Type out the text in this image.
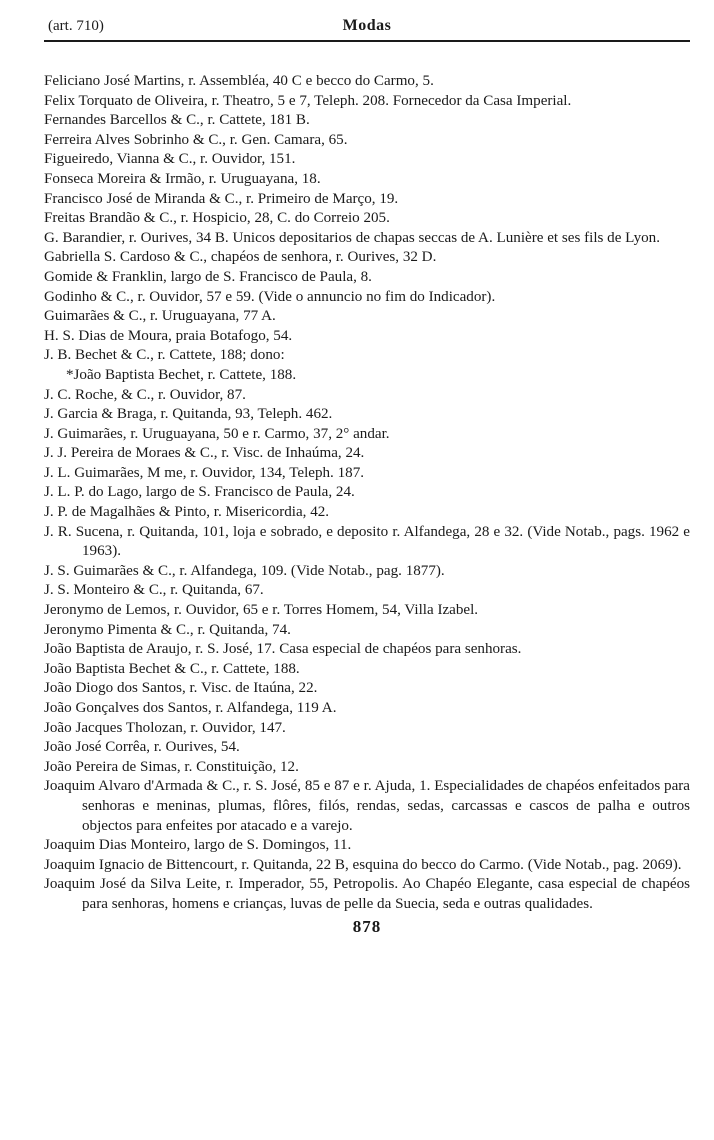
(art. 710)	Modas

Feliciano José Martins, r. Assembléa, 40 C e becco do Carmo, 5.

Felix Torquato de Oliveira, r. Theatro, 5 e 7, Teleph. 208. Fornecedor da Casa Imperial.

Fernandes Barcellos & C., r. Cattete, 181 B.

Ferreira Alves Sobrinho & C., r. Gen. Camara, 65.

Figueiredo, Vianna & C., r. Ouvidor, 151.

Fonseca Moreira & Irmão, r. Uruguayana, 18.

Francisco José de Miranda & C., r. Primeiro de Março, 19.

Freitas Brandão & C., r. Hospicio, 28, C. do Correio 205.

G. Barandier, r. Ourives, 34 B. Unicos depositarios de chapas seccas de A. Lunière et ses fils de Lyon.

Gabriella S. Cardoso & C., chapéos de senhora, r. Ourives, 32 D.

Gomide & Franklin, largo de S. Francisco de Paula, 8.

Godinho & C., r. Ouvidor, 57 e 59. (Vide o annuncio no fim do Indicador).

Guimarães & C., r. Uruguayana, 77 A.

H. S. Dias de Moura, praia Botafogo, 54.

J. B. Bechet & C., r. Cattete, 188; dono:

*João Baptista Bechet, r. Cattete, 188.

J. C. Roche, & C., r. Ouvidor, 87.

J. Garcia & Braga, r. Quitanda, 93, Teleph. 462.

J. Guimarães, r. Uruguayana, 50 e r. Carmo, 37, 2° andar.

J. J. Pereira de Moraes & C., r. Visc. de Inhaúma, 24.

J. L. Guimarães, M me, r. Ouvidor, 134, Teleph. 187.

J. L. P. do Lago, largo de S. Francisco de Paula, 24.

J. P. de Magalhães & Pinto, r. Misericordia, 42.

J. R. Sucena, r. Quitanda, 101, loja e sobrado, e deposito r. Alfandega, 28 e 32. (Vide Notab., pags. 1962 e 1963).

J. S. Guimarães & C., r. Alfandega, 109. (Vide Notab., pag. 1877).

J. S. Monteiro & C., r. Quitanda, 67.

Jeronymo de Lemos, r. Ouvidor, 65 e r. Torres Homem, 54, Villa Izabel.

Jeronymo Pimenta & C., r. Quitanda, 74.

João Baptista de Araujo, r. S. José, 17. Casa especial de chapéos para senhoras.

João Baptista Bechet & C., r. Cattete, 188.

João Diogo dos Santos, r. Visc. de Itaúna, 22.

João Gonçalves dos Santos, r. Alfandega, 119 A.

João Jacques Tholozan, r. Ouvidor, 147.

João José Corrêa, r. Ourives, 54.

João Pereira de Simas, r. Constituição, 12.

Joaquim Alvaro d'Armada & C., r. S. José, 85 e 87 e r. Ajuda, 1. Especialidades de chapéos enfeitados para senhoras e meninas, plumas, flôres, filós, rendas, sedas, carcassas e cascos de palha e outros objectos para enfeites por atacado e a varejo.

Joaquim Dias Monteiro, largo de S. Domingos, 11.

Joaquim Ignacio de Bittencourt, r. Quitanda, 22 B, esquina do becco do Carmo. (Vide Notab., pag. 2069).

Joaquim José da Silva Leite, r. Imperador, 55, Petropolis. Ao Chapéo Elegante, casa especial de chapéos para senhoras, homens e crianças, luvas de pelle da Suecia, seda e outras qualidades.

878
